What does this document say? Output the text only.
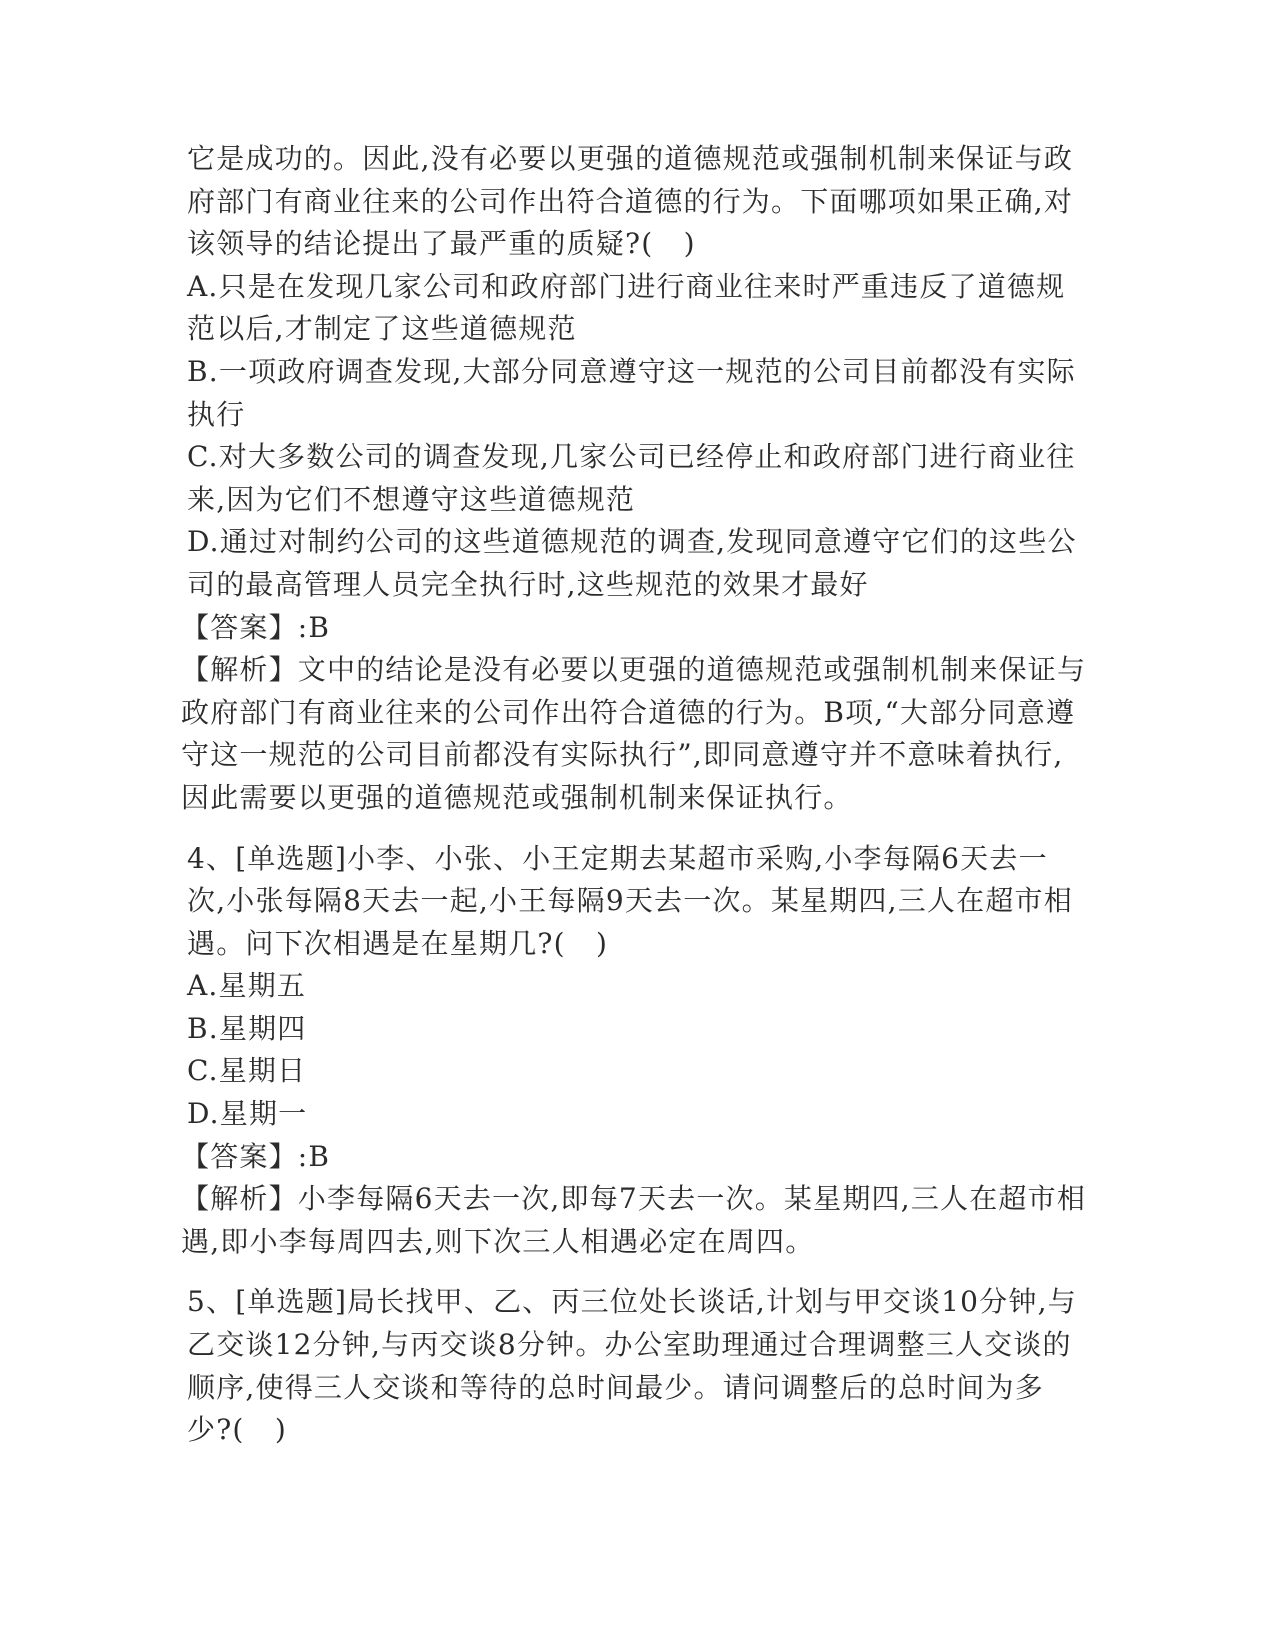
它是成功的。因此,没有必要以更强的道德规范或强制机制来保证与政府部门有商业往来的公司作出符合道德的行为。下面哪项如果正确,对该领导的结论提出了最严重的质疑?(   )

A.只是在发现几家公司和政府部门进行商业往来时严重违反了道德规范以后,才制定了这些道德规范

B.一项政府调查发现,大部分同意遵守这一规范的公司目前都没有实际执行

C.对大多数公司的调查发现,几家公司已经停止和政府部门进行商业往来,因为它们不想遵守这些道德规范

D.通过对制约公司的这些道德规范的调查,发现同意遵守它们的这些公司的最高管理人员完全执行时,这些规范的效果才最好

【答案】:B

【解析】文中的结论是没有必要以更强的道德规范或强制机制来保证与政府部门有商业往来的公司作出符合道德的行为。B项,“大部分同意遵守这一规范的公司目前都没有实际执行”,即同意遵守并不意味着执行,因此需要以更强的道德规范或强制机制来保证执行。

4、[单选题]小李、小张、小王定期去某超市采购,小李每隔6天去一次,小张每隔8天去一起,小王每隔9天去一次。某星期四,三人在超市相遇。问下次相遇是在星期几?(   )

A.星期五

B.星期四

C.星期日

D.星期一

【答案】:B

【解析】小李每隔6天去一次,即每7天去一次。某星期四,三人在超市相遇,即小李每周四去,则下次三人相遇必定在周四。

5、[单选题]局长找甲、乙、丙三位处长谈话,计划与甲交谈10分钟,与乙交谈12分钟,与丙交谈8分钟。办公室助理通过合理调整三人交谈的顺序,使得三人交谈和等待的总时间最少。请问调整后的总时间为多少?(   )
